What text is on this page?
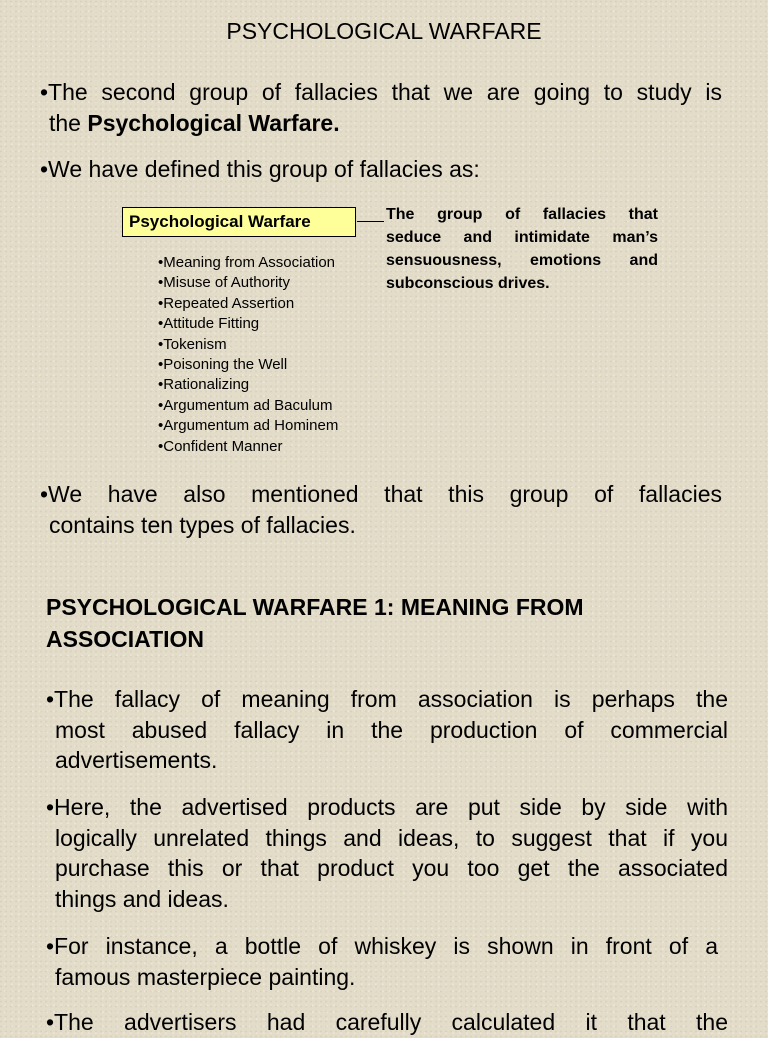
PSYCHOLOGICAL WARFARE
•The second group of fallacies that we are going to study is
the Psychological Warfare.
•We have defined this group of fallacies as:
Psychological Warfare	The group of fallacies that
seduce and intimidate man’s
sensuousness, emotions and
subconscious drives.
•Meaning from Association
•Misuse of Authority
•Repeated Assertion
•Attitude Fitting
•Tokenism
•Poisoning the Well
•Rationalizing
•Argumentum ad Baculum
•Argumentum ad Hominem
•Confident Manner
•We have also mentioned that this group of fallacies
contains ten types of fallacies.
PSYCHOLOGICAL WARFARE 1: MEANING FROM
ASSOCIATION
•The fallacy of meaning from association is perhaps the
most abused fallacy in the production of commercial
advertisements.
•Here, the advertised products are put side by side with
logically unrelated things and ideas, to suggest that if you
purchase this or that product you too get the associated
things and ideas.
•For instance, a bottle of whiskey is shown in front of a
famous masterpiece painting.
•The advertisers had carefully calculated it that the
